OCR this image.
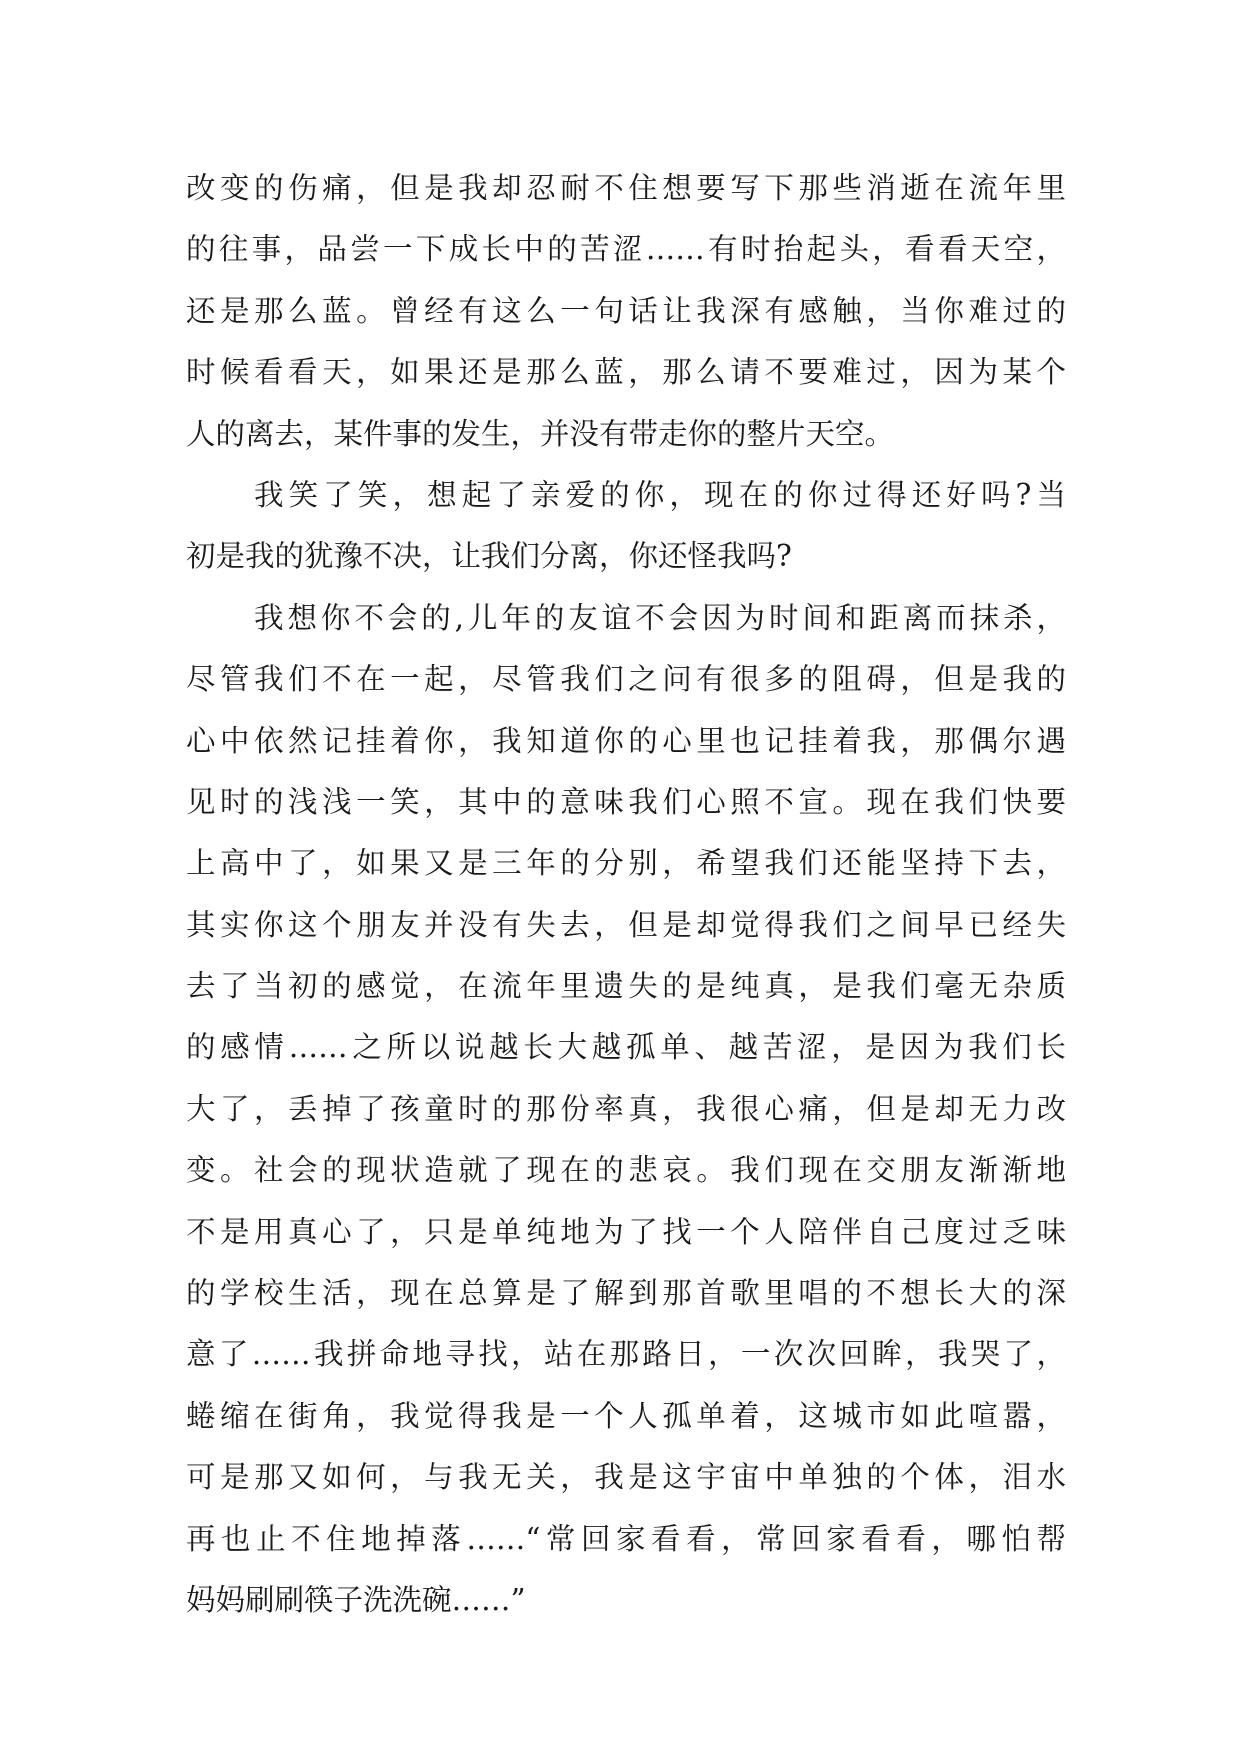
改变的伤痛，但是我却忍耐不住想要写下那些消逝在流年里

的往事，品尝一下成长中的苦涩……有时抬起头，看看天空，

还是那么蓝。曾经有这么一句话让我深有感触，当你难过的

时候看看天，如果还是那么蓝，那么请不要难过，因为某个

人的离去，某件事的发生，并没有带走你的整片天空。

我笑了笑，想起了亲爱的你，现在的你过得还好吗?当

初是我的犹豫不决，让我们分离，你还怪我吗?

我想你不会的,儿年的友谊不会因为时间和距离而抹杀，

尽管我们不在一起，尽管我们之问有很多的阻碍，但是我的

心中依然记挂着你，我知道你的心里也记挂着我，那偶尔遇

见时的浅浅一笑，其中的意味我们心照不宣。现在我们快要

上高中了，如果又是三年的分别，希望我们还能坚持下去，

其实你这个朋友并没有失去，但是却觉得我们之间早已经失

去了当初的感觉，在流年里遗失的是纯真，是我们毫无杂质

的感情……之所以说越长大越孤单、越苦涩，是因为我们长

大了，丢掉了孩童时的那份率真，我很心痛，但是却无力改

变。社会的现状造就了现在的悲哀。我们现在交朋友渐渐地

不是用真心了，只是单纯地为了找一个人陪伴自己度过乏味

的学校生活，现在总算是了解到那首歌里唱的不想长大的深

意了……我拼命地寻找，站在那路日，一次次回眸，我哭了，

蜷缩在街角，我觉得我是一个人孤单着，这城市如此喧嚣，

可是那又如何，与我无关，我是这宇宙中单独的个体，泪水

再也止不住地掉落……“常回家看看，常回家看看，哪怕帮

妈妈刷刷筷子洗洗碗……”
